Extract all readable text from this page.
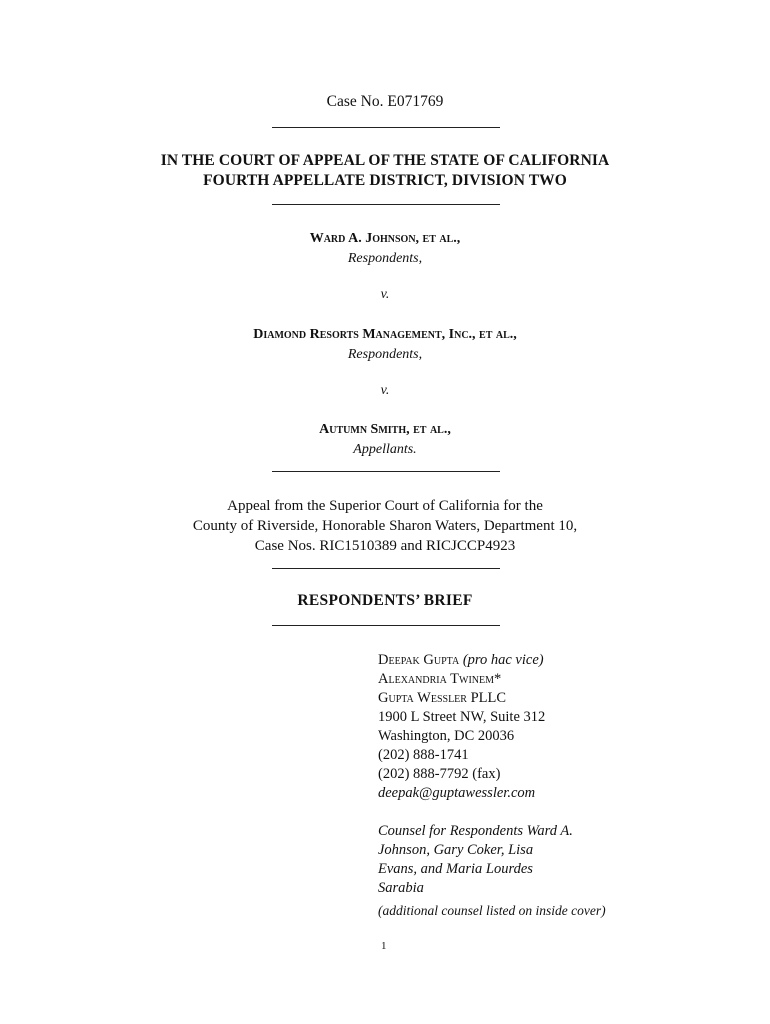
Case No. E071769
IN THE COURT OF APPEAL OF THE STATE OF CALIFORNIA
FOURTH APPELLATE DISTRICT, DIVISION TWO
Ward A. Johnson, et al.,
Respondents,
v.
Diamond Resorts Management, Inc., et al.,
Respondents,
v.
Autumn Smith, et al.,
Appellants.
Appeal from the Superior Court of California for the
County of Riverside, Honorable Sharon Waters, Department 10,
Case Nos. RIC1510389 and RICJCCP4923
RESPONDENTS’ BRIEF
Deepak Gupta (pro hac vice)
Alexandria Twinem*
Gupta Wessler PLLC
1900 L Street NW, Suite 312
Washington, DC 20036
(202) 888-1741
(202) 888-7792 (fax)
deepak@guptawessler.com
Counsel for Respondents Ward A.
Johnson, Gary Coker, Lisa
Evans, and Maria Lourdes
Sarabia
(additional counsel listed on inside cover)
1
